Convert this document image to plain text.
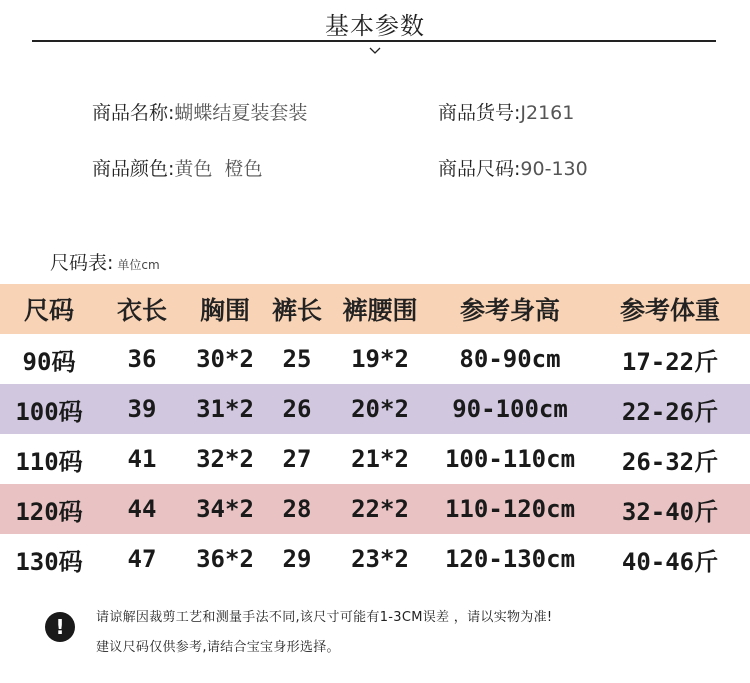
基本参数
商品名称:蝴蝶结夏装套装	商品货号:J2161
商品颜色:黄色  橙色	商品尺码:90-130
尺码表: 单位cm
尺码	衣长	胸围	裤长	裤腰围	参考身高	参考体重
90码	36	30*2	25	19*2	80-90cm	17-22斤
100码	39	31*2	26	20*2	90-100cm	22-26斤
110码	41	32*2	27	21*2	100-110cm	26-32斤
120码	44	34*2	28	22*2	110-120cm	32-40斤
130码	47	36*2	29	23*2	120-130cm	40-46斤
!	请谅解因裁剪工艺和测量手法不同,该尺寸可能有1-3CM误差 ，请以实物为准!
建议尺码仅供参考,请结合宝宝身形选择。
